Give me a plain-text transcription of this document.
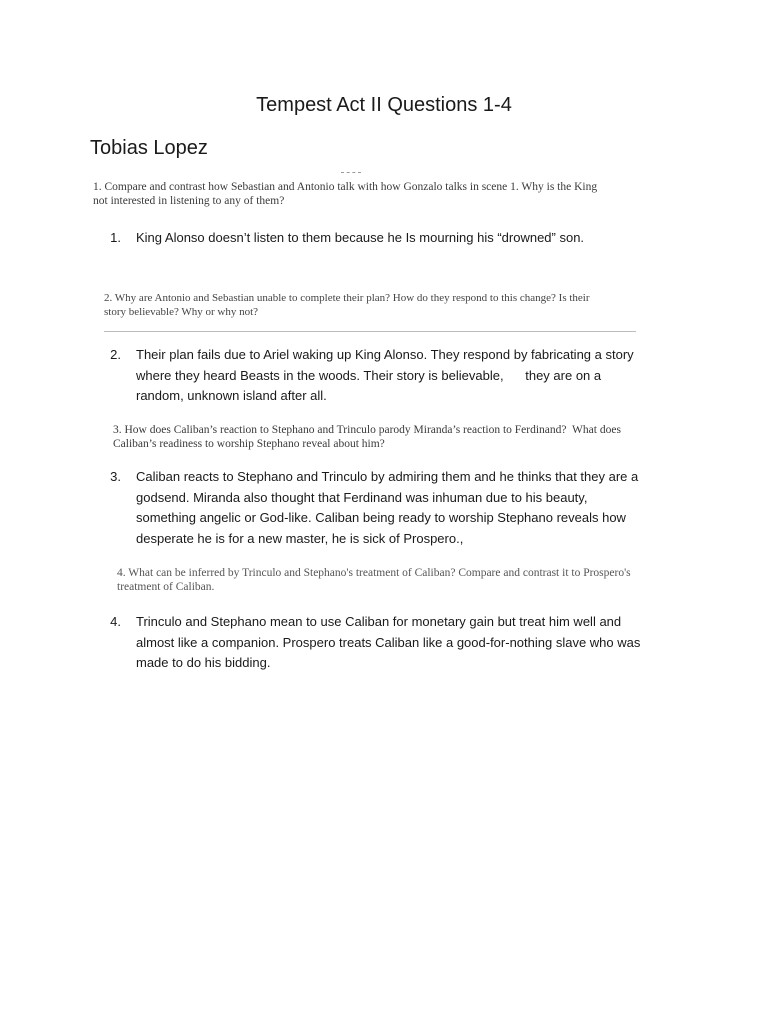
Tempest Act II Questions 1-4
Tobias Lopez
1. Compare and contrast how Sebastian and Antonio talk with how Gonzalo talks in scene 1. Why is the King
not interested in listening to any of them?
1. King Alonso doesn’t listen to them because he Is mourning his “drowned” son.
2. Why are Antonio and Sebastian unable to complete their plan? How do they respond to this change? Is their
story believable? Why or why not?
2. Their plan fails due to Ariel waking up King Alonso. They respond by fabricating a story
where they heard Beasts in the woods. Their story is believable,      they are on a
random, unknown island after all.
3. How does Caliban’s reaction to Stephano and Trinculo parody Miranda’s reaction to Ferdinand?  What does
Caliban’s readiness to worship Stephano reveal about him?
3. Caliban reacts to Stephano and Trinculo by admiring them and he thinks that they are a
godsend. Miranda also thought that Ferdinand was inhuman due to his beauty,
something angelic or God-like. Caliban being ready to worship Stephano reveals how
desperate he is for a new master, he is sick of Prospero.,
4. What can be inferred by Trinculo and Stephano's treatment of Caliban? Compare and contrast it to Prospero's
treatment of Caliban.
4. Trinculo and Stephano mean to use Caliban for monetary gain but treat him well and
almost like a companion. Prospero treats Caliban like a good-for-nothing slave who was
made to do his bidding.
